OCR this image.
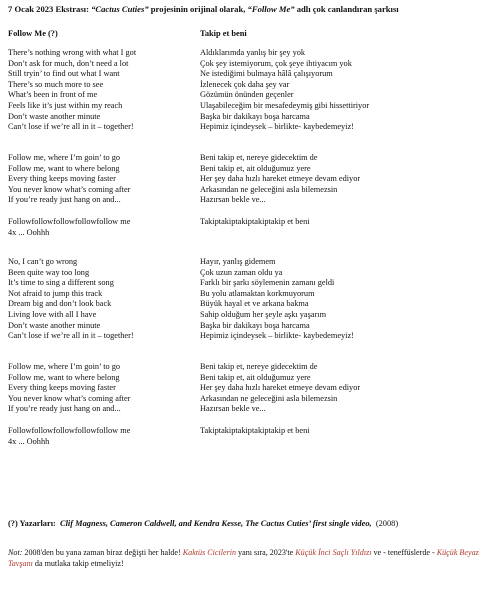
7 Ocak 2023 Ekstrası: “Cactus Cuties” projesinin orijinal olarak, “Follow Me” adlı çok canlandıran şarkısı
Follow Me (?)	Takip et beni
There’s nothing wrong with what I got
Don’t ask for much, don’t need a lot
Still tryin’ to find out what I want
There’s so much more to see
What’s been in front of me
Feels like it’s just within my reach
Don’t waste another minute
Can’t lose if we’re all in it – together!
Aldıklarımda yanlış bir şey yok
Çok şey istemiyorum, çok şeye ihtiyacım yok
Ne istediğimi bulmaya hâlâ çalışıyorum
İzlenecek çok daha şey var
Gözümün önünden geçenler
Ulaşabileceğim bir mesafedeymiş gibi hissettiriyor
Başka bir dakikayı boşa harcama
Hepimiz içindeysek – birlikte- kaybedemeyiz!
Follow me, where I’m goin’ to go
Follow me, want to where belong
Every thing keeps moving faster
You never know what’s coming after
If you’re ready just hang on and...
Beni takip et, nereye gidecektim de
Beni takip et, ait olduğumuz yere
Her şey daha hızlı hareket etmeye devam ediyor
Arkasından ne geleceğini asla bilemezsin
Hazırsan bekle ve...
Followfollowfollowfollowfollow me
4x ... Oohhh
Takiptakiptakiptakiptakip et beni
No, I can’t go wrong
Been quite way too long
It’s time to sing a different song
Not afraid to jump this track
Dream big and don’t look back
Living love with all I have
Don’t waste another minute
Can’t lose if we’re all in it – together!
Hayır, yanlış gidemem
Çok uzun zaman oldu ya
Farklı bir şarkı söylemenin zamanı geldi
Bu yolu atlamaktan korkmuyorum
Büyük hayal et ve arkana bakma
Sahip olduğum her şeyle aşkı yaşarım
Başka bir dakikayı boşa harcama
Hepimiz içindeysek – birlikte- kaybedemeyiz!
Follow me, where I’m goin’ to go
Follow me, want to where belong
Every thing keeps moving faster
You never know what’s coming after
If you’re ready just hang on and...
Beni takip et, nereye gidecektim de
Beni takip et, ait olduğumuz yere
Her şey daha hızlı hareket etmeye devam ediyor
Arkasından ne geleceğini asla bilemezsin
Hazırsan bekle ve...
Followfollowfollowfollowfollow me
4x ... Oohhh
Takiptakiptakiptakiptakip et beni
(?) Yazarları: Clif Magness, Cameron Caldwell, and Kendra Kesse, The Cactus Cuties’ first single video, (2008)
Not: 2008'den bu yana zaman biraz değişti her halde! Kaktüs Cicilerin yanı sıra, 2023'te Küçük İnci Saçlı Yıldızı ve - teneffüslerde - Küçük Beyaz Tavşanı da mutlaka takip etmeliyiz!
